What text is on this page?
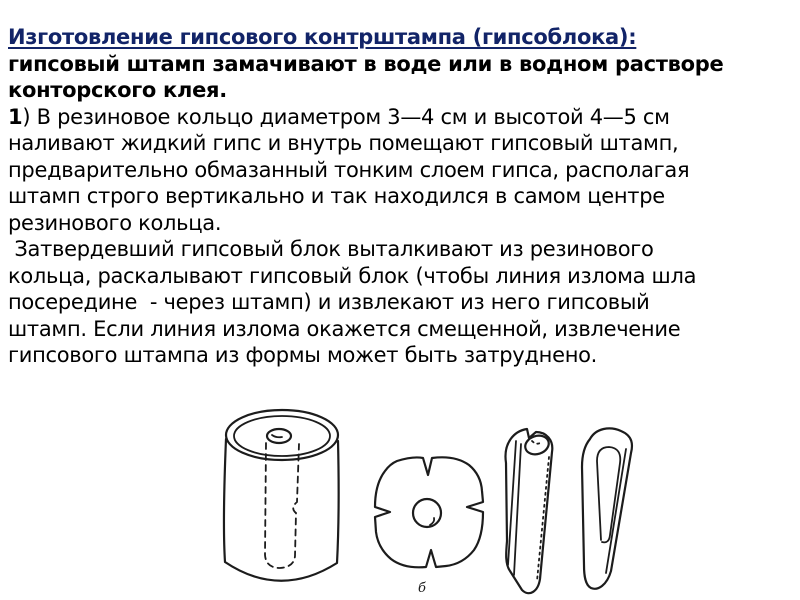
Изготовление гипсового контрштампа (гипсоблока):
гипсовый штамп замачивают в воде или в водном растворе
конторского клея.
1) В резиновое кольцо диаметром 3—4 см и высотой 4—5 см
наливают жидкий гипс и внутрь помещают гипсовый штамп,
предварительно обмазанный тонким слоем гипса, располагая
штамп строго вертикально и так находился в самом центре
резинового кольца.
Затвердевший гипсовый блок выталкивают из резинового
кольца, раскалывают гипсовый блок (чтобы линия излома шла
посередине  - через штамп) и извлекают из него гипсовый
штамп. Если линия излома окажется смещенной, извлечение
гипсового штампа из формы может быть затруднено.
б
